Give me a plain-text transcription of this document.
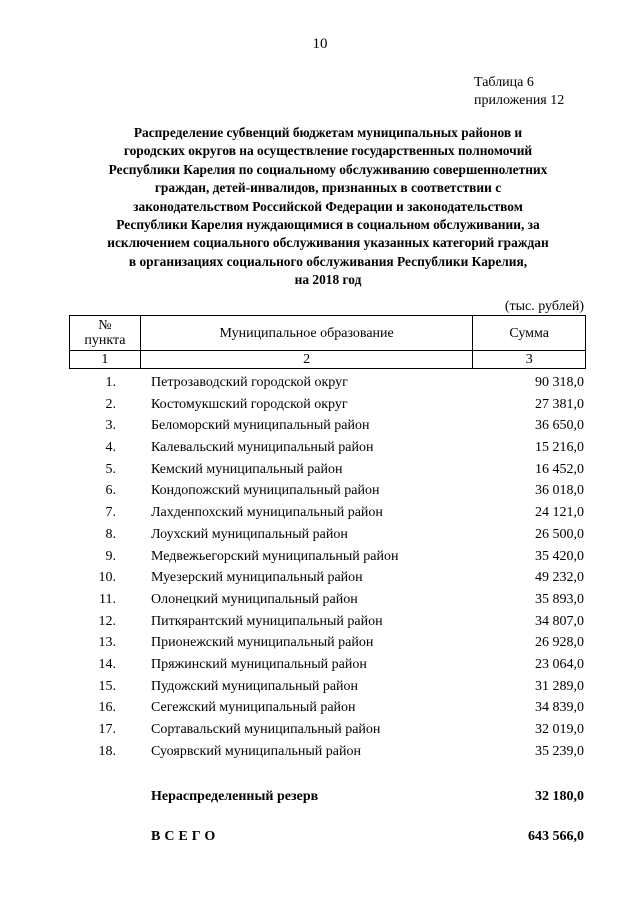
10
Таблица 6
приложения 12
Распределение субвенций бюджетам муниципальных районов и
городских округов на осуществление государственных полномочий
Республики Карелия по социальному обслуживанию совершеннолетних
граждан, детей-инвалидов, признанных в соответствии с
законодательством Российской Федерации и законодательством
Республики Карелия нуждающимися в социальном обслуживании, за
исключением социального обслуживания указанных категорий граждан
в организациях социального обслуживания Республики Карелия,
на 2018 год
(тыс. рублей)
№
пункта	Муниципальное образование	Сумма
1	2	3
1.	Петрозаводский городской округ	90 318,0
2.	Костомукшский городской округ	27 381,0
3.	Беломорский муниципальный район	36 650,0
4.	Калевальский муниципальный район	15 216,0
5.	Кемский муниципальный район	16 452,0
6.	Кондопожский муниципальный район	36 018,0
7.	Лахденпохский муниципальный район	24 121,0
8.	Лоухский муниципальный район	26 500,0
9.	Медвежьегорский муниципальный район	35 420,0
10.	Муезерский муниципальный район	49 232,0
11.	Олонецкий муниципальный район	35 893,0
12.	Питкярантский муниципальный район	34 807,0
13.	Прионежский муниципальный район	26 928,0
14.	Пряжинский муниципальный район	23 064,0
15.	Пудожский муниципальный район	31 289,0
16.	Сегежский муниципальный район	34 839,0
17.	Сортавальский муниципальный район	32 019,0
18.	Суоярвский муниципальный район	35 239,0
Нераспределенный резерв	32 180,0
ВСЕГО	643 566,0
